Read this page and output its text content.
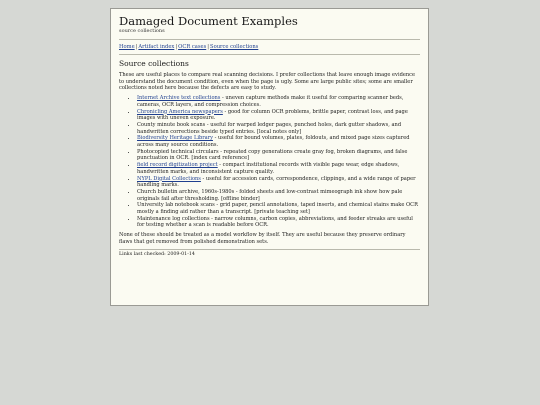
Damaged Document Examples
source collections
Home|Artifact index|OCR cases|Source collections
Source collections

These are useful places to compare real scanning decisions. I prefer collections that leave enough image evidence to understand the document condition, even when the page is ugly. Some are large public sites; some are smaller collections noted here because the defects are easy to study.

• Internet Archive text collections - uneven capture methods make it useful for comparing scanner beds, cameras, OCR layers, and compression choices.
• Chronicling America newspapers - good for column OCR problems, brittle paper, contrast loss, and page images with uneven exposure.
• County minute book scans - useful for warped ledger pages, punched holes, dark gutter shadows, and handwritten corrections beside typed entries. [local notes only]
• Biodiversity Heritage Library - useful for bound volumes, plates, foldouts, and mixed page sizes captured across many source conditions.
• Photocopied technical circulars - repeated copy generations create gray fog, broken diagrams, and false punctuation in OCR. [index card reference]
• field record digitization project - compact institutional records with visible page wear, edge shadows, handwritten marks, and inconsistent capture quality.
• NYPL Digital Collections - useful for accession cards, correspondence, clippings, and a wide range of paper handling marks.
• Church bulletin archive, 1960s-1980s - folded sheets and low-contrast mimeograph ink show how pale originals fail after thresholding. [offline binder]
• University lab notebook scans - grid paper, pencil annotations, taped inserts, and chemical stains make OCR mostly a finding aid rather than a transcript. [private teaching set]
• Maintenance log collections - narrow columns, carbon copies, abbreviations, and feeder streaks are useful for testing whether a scan is readable before OCR.

None of these should be treated as a model workflow by itself. They are useful because they preserve ordinary flaws that get removed from polished demonstration sets.

Links last checked: 2009-01-14
